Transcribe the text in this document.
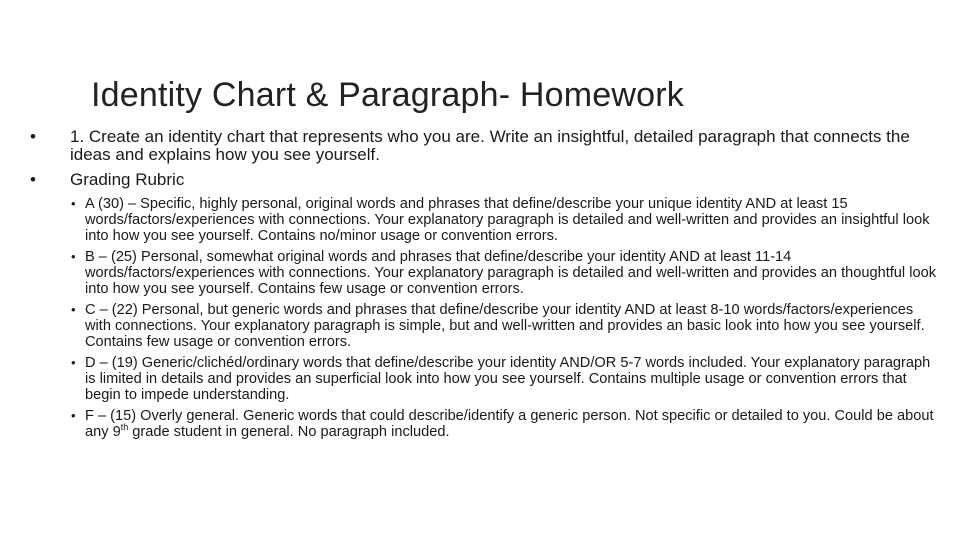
Identity Chart & Paragraph- Homework
• 1. Create an identity chart that represents who you are. Write an insightful, detailed paragraph that connects the ideas and explains how you see yourself.
• Grading Rubric
• A (30) – Specific, highly personal, original words and phrases that define/describe your unique identity AND at least 15 words/factors/experiences with connections. Your explanatory paragraph is detailed and well-written and provides an insightful look into how you see yourself. Contains no/minor usage or convention errors.
• B – (25) Personal, somewhat original words and phrases that define/describe your identity AND at least 11-14 words/factors/experiences with connections. Your explanatory paragraph is detailed and well-written and provides an thoughtful look into how you see yourself. Contains few usage or convention errors.
• C – (22) Personal, but generic words and phrases that define/describe your identity AND at least 8-10 words/factors/experiences with connections. Your explanatory paragraph is simple, but and well-written and provides an basic look into how you see yourself. Contains few usage or convention errors.
• D – (19) Generic/clichéd/ordinary words that define/describe your identity AND/OR 5-7 words included. Your explanatory paragraph is limited in details and provides an superficial look into how you see yourself. Contains multiple usage or convention errors that begin to impede understanding.
• F – (15) Overly general. Generic words that could describe/identify a generic person. Not specific or detailed to you. Could be about any 9th grade student in general. No paragraph included.
